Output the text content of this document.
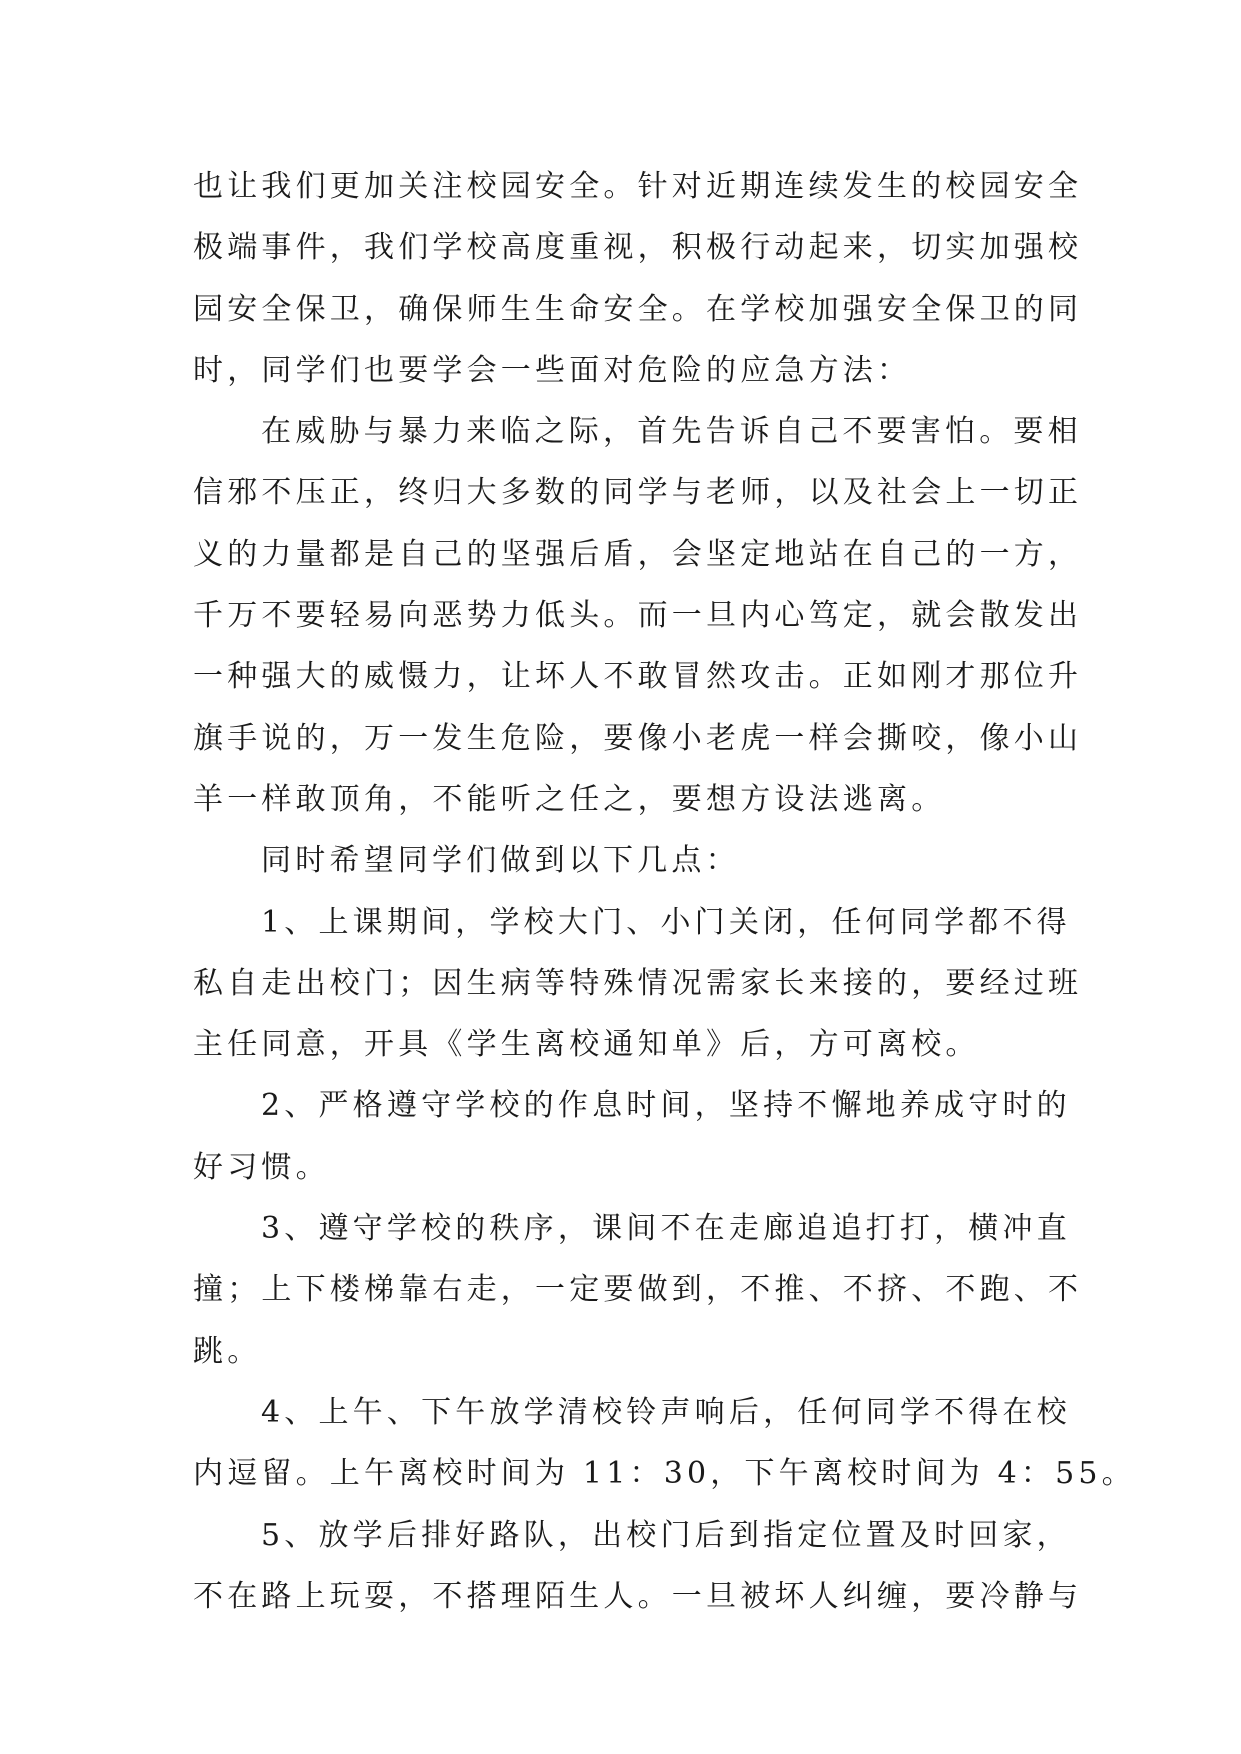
也让我们更加关注校园安全。针对近期连续发生的校园安全
极端事件，我们学校高度重视，积极行动起来，切实加强校
园安全保卫，确保师生生命安全。在学校加强安全保卫的同
时，同学们也要学会一些面对危险的应急方法：

在威胁与暴力来临之际，首先告诉自己不要害怕。要相
信邪不压正，终归大多数的同学与老师，以及社会上一切正
义的力量都是自己的坚强后盾，会坚定地站在自己的一方，
千万不要轻易向恶势力低头。而一旦内心笃定，就会散发出
一种强大的威慑力，让坏人不敢冒然攻击。正如刚才那位升
旗手说的，万一发生危险，要像小老虎一样会撕咬，像小山
羊一样敢顶角，不能听之任之，要想方设法逃离。

同时希望同学们做到以下几点：

1、上课期间，学校大门、小门关闭，任何同学都不得
私自走出校门；因生病等特殊情况需家长来接的，要经过班
主任同意，开具《学生离校通知单》后，方可离校。

2、严格遵守学校的作息时间，坚持不懈地养成守时的
好习惯。

3、遵守学校的秩序，课间不在走廊追追打打，横冲直
撞；上下楼梯靠右走，一定要做到，不推、不挤、不跑、不
跳。

4、上午、下午放学清校铃声响后，任何同学不得在校
内逗留。上午离校时间为 11：30，下午离校时间为 4：55。

5、放学后排好路队，出校门后到指定位置及时回家，
不在路上玩耍，不搭理陌生人。一旦被坏人纠缠，要冷静与
